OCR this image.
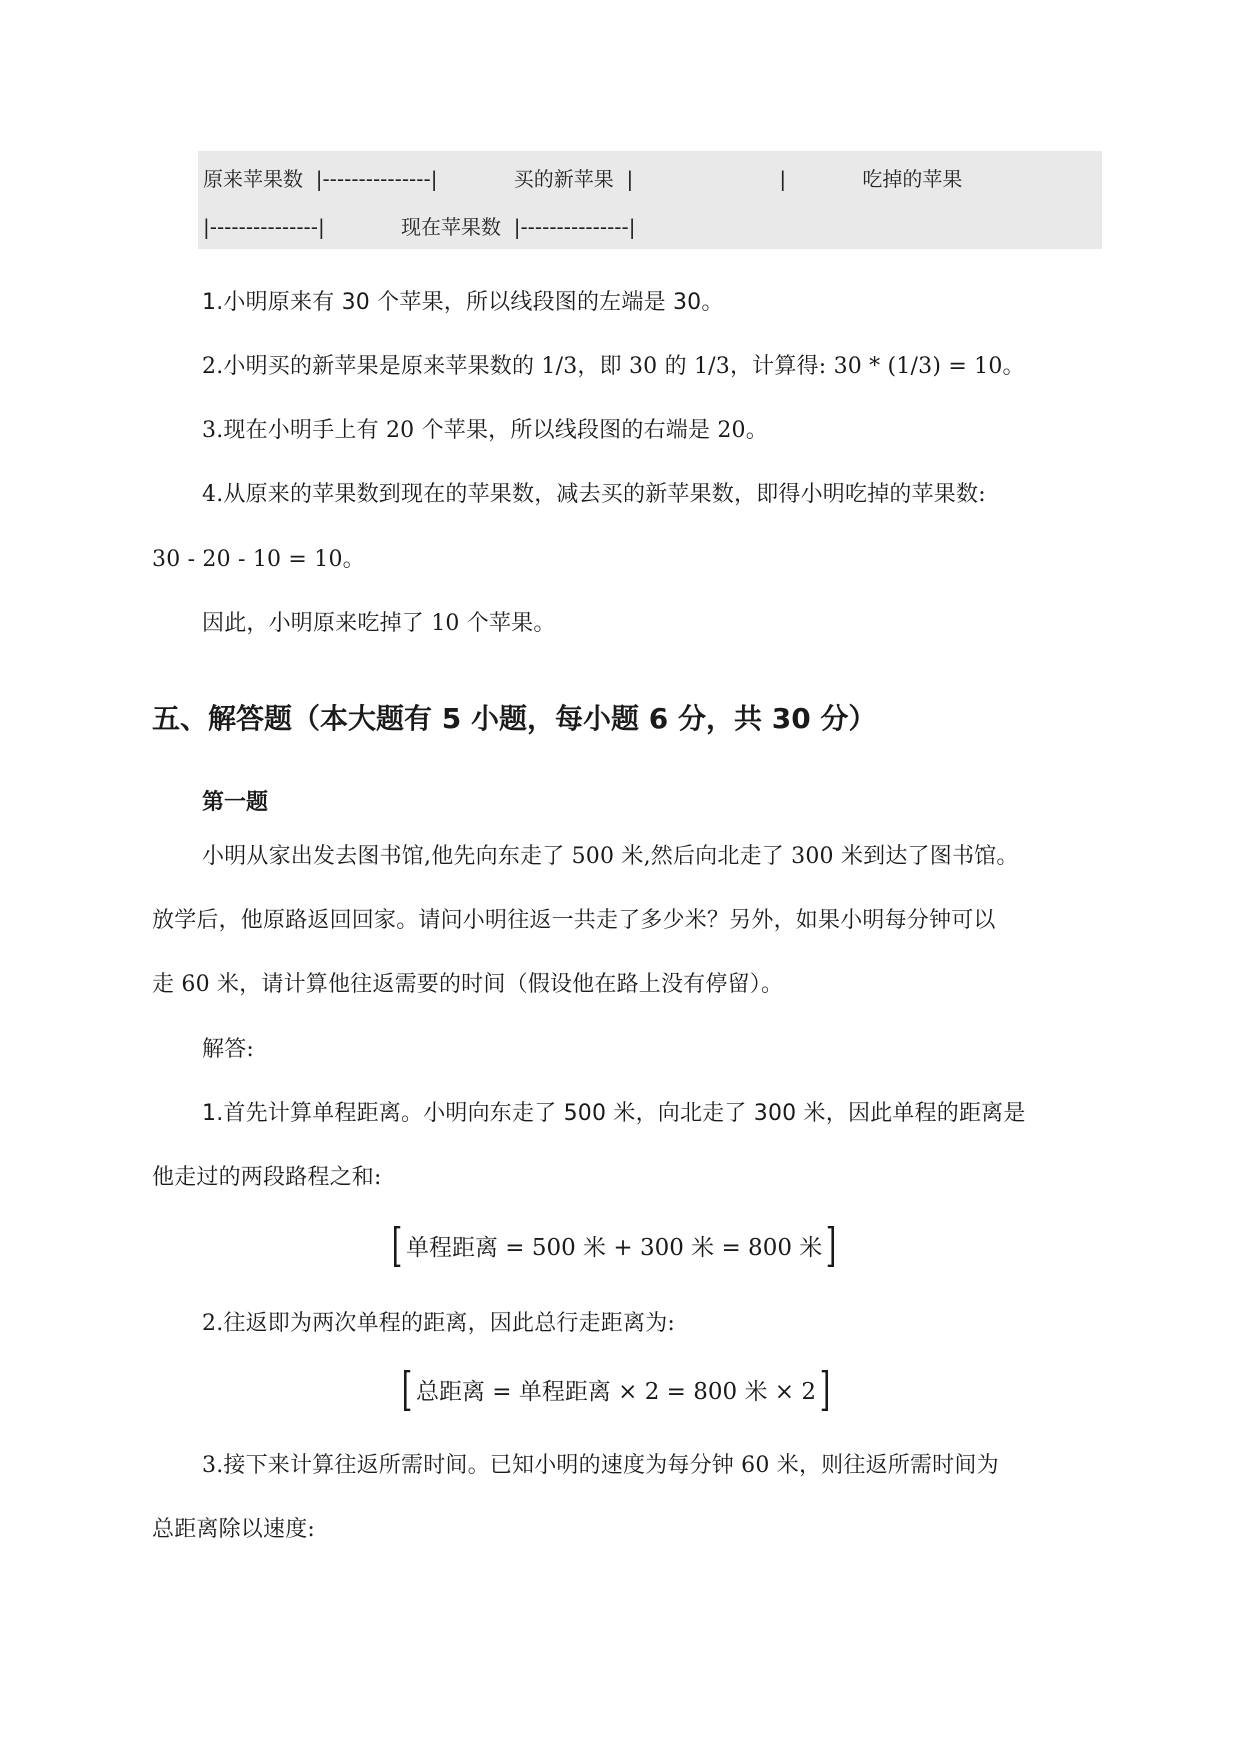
原来苹果数  |---------------|            买的新苹果  |                       |            吃掉的苹果
|---------------|            现在苹果数  |---------------|
1.小明原来有 30 个苹果，所以线段图的左端是 30。
2.小明买的新苹果是原来苹果数的 1/3，即 30 的 1/3，计算得: 30 * (1/3) = 10。
3.现在小明手上有 20 个苹果，所以线段图的右端是 20。
4.从原来的苹果数到现在的苹果数，减去买的新苹果数，即得小明吃掉的苹果数:
30 - 20 - 10 = 10。
因此，小明原来吃掉了 10 个苹果。
五、解答题（本大题有 5 小题，每小题 6 分，共 30 分）
第一题
小明从家出发去图书馆,他先向东走了 500 米,然后向北走了 300 米到达了图书馆。
放学后，他原路返回回家。请问小明往返一共走了多少米？另外，如果小明每分钟可以
走 60 米，请计算他往返需要的时间（假设他在路上没有停留）。
解答:
1.首先计算单程距离。小明向东走了 500 米，向北走了 300 米，因此单程的距离是
他走过的两段路程之和:
[ 单程距离 = 500 米 + 300 米 = 800 米 ]
2.往返即为两次单程的距离，因此总行走距离为:
[ 总距离 = 单程距离 × 2 = 800 米 × 2 ]
3.接下来计算往返所需时间。已知小明的速度为每分钟 60 米，则往返所需时间为
总距离除以速度:
